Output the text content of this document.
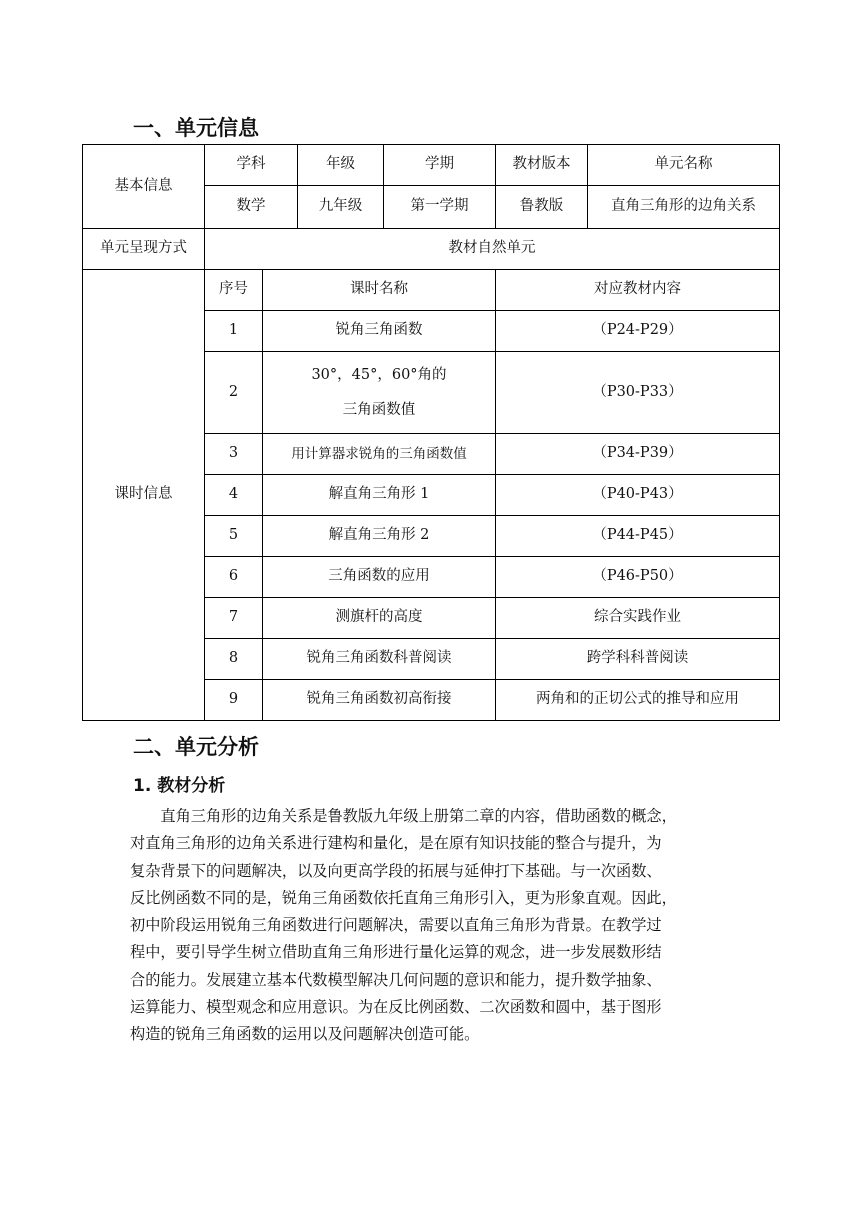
一、单元信息
基本信息	学科		年级	学期	教材版本	单元名称
	数学		九年级	第一学期	鲁教版	直角三角形的边角关系
单元呈现方式	教材自然单元					
课时信息	序号	课时名称			对应教材内容	
	1	锐角三角函数			（P24-P29）	
	2	30°，45°，60°角的
三角函数值			（P30-P33）	
	3	用计算器求锐角的三角函数值			（P34-P39）	
	4	解直角三角形 1			（P40-P43）	
	5	解直角三角形 2			（P44-P45）	
	6	三角函数的应用			（P46-P50）	
	7	测旗杆的高度			综合实践作业	
	8	锐角三角函数科普阅读			跨学科科普阅读	
	9	锐角三角函数初高衔接			两角和的正切公式的推导和应用	
二、单元分析
1. 教材分析
　　直角三角形的边角关系是鲁教版九年级上册第二章的内容，借助函数的概念，
对直角三角形的边角关系进行建构和量化，是在原有知识技能的整合与提升，为
复杂背景下的问题解决，以及向更高学段的拓展与延伸打下基础。与一次函数、
反比例函数不同的是，锐角三角函数依托直角三角形引入，更为形象直观。因此，
初中阶段运用锐角三角函数进行问题解决，需要以直角三角形为背景。在教学过
程中，要引导学生树立借助直角三角形进行量化运算的观念，进一步发展数形结
合的能力。发展建立基本代数模型解决几何问题的意识和能力，提升数学抽象、
运算能力、模型观念和应用意识。为在反比例函数、二次函数和圆中，基于图形
构造的锐角三角函数的运用以及问题解决创造可能。
